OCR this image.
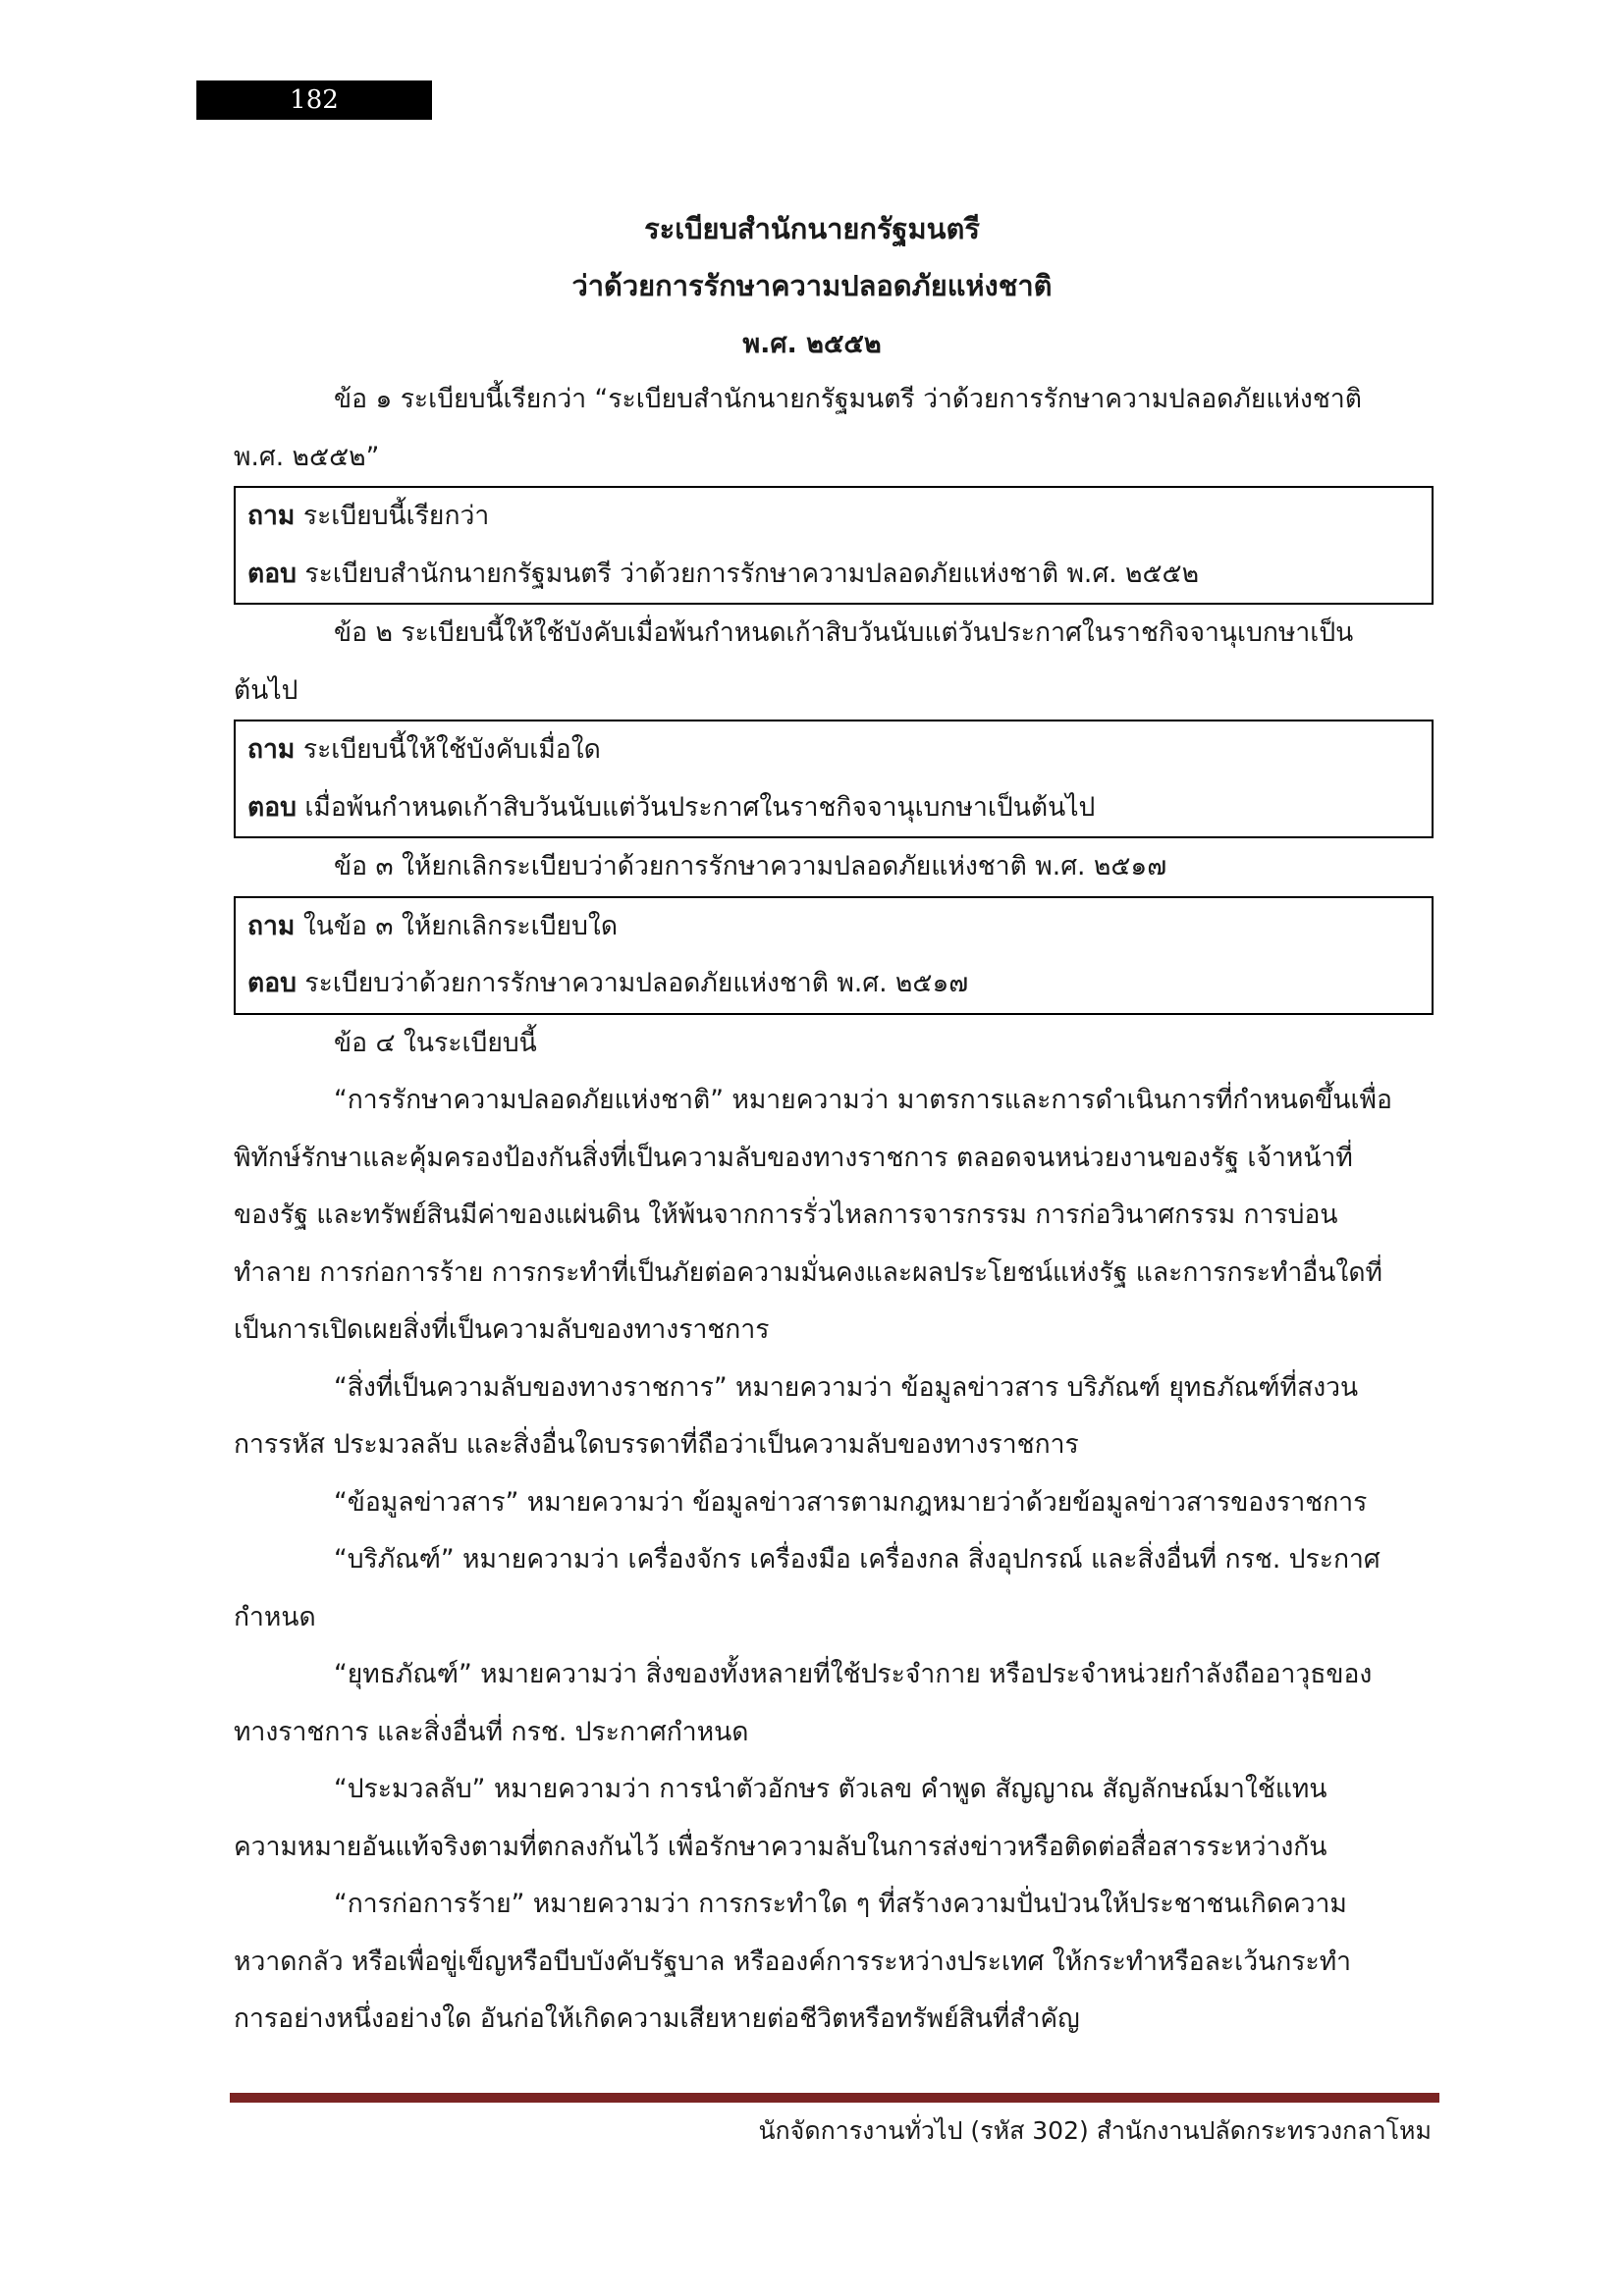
182
ระเบียบสำนักนายกรัฐมนตรี
ว่าด้วยการรักษาความปลอดภัยแห่งชาติ
พ.ศ. ๒๕๕๒

ข้อ ๑ ระเบียบนี้เรียกว่า “ระเบียบสำนักนายกรัฐมนตรี ว่าด้วยการรักษาความปลอดภัยแห่งชาติ

พ.ศ. ๒๕๕๒”

ถาม ระเบียบนี้เรียกว่า

ตอบ ระเบียบสำนักนายกรัฐมนตรี ว่าด้วยการรักษาความปลอดภัยแห่งชาติ พ.ศ. ๒๕๕๒

ข้อ ๒ ระเบียบนี้ให้ใช้บังคับเมื่อพ้นกำหนดเก้าสิบวันนับแต่วันประกาศในราชกิจจานุเบกษาเป็น

ต้นไป

ถาม ระเบียบนี้ให้ใช้บังคับเมื่อใด

ตอบ เมื่อพ้นกำหนดเก้าสิบวันนับแต่วันประกาศในราชกิจจานุเบกษาเป็นต้นไป

ข้อ ๓ ให้ยกเลิกระเบียบว่าด้วยการรักษาความปลอดภัยแห่งชาติ พ.ศ. ๒๕๑๗

ถาม ในข้อ ๓ ให้ยกเลิกระเบียบใด

ตอบ ระเบียบว่าด้วยการรักษาความปลอดภัยแห่งชาติ พ.ศ. ๒๕๑๗

ข้อ ๔ ในระเบียบนี้

“การรักษาความปลอดภัยแห่งชาติ” หมายความว่า มาตรการและการดำเนินการที่กำหนดขึ้นเพื่อ

พิทักษ์รักษาและคุ้มครองป้องกันสิ่งที่เป็นความลับของทางราชการ ตลอดจนหน่วยงานของรัฐ เจ้าหน้าที่

ของรัฐ และทรัพย์สินมีค่าของแผ่นดิน ให้พ้นจากการรั่วไหลการจารกรรม การก่อวินาศกรรม การบ่อน

ทำลาย การก่อการร้าย การกระทำที่เป็นภัยต่อความมั่นคงและผลประโยชน์แห่งรัฐ และการกระทำอื่นใดที่

เป็นการเปิดเผยสิ่งที่เป็นความลับของทางราชการ

“สิ่งที่เป็นความลับของทางราชการ” หมายความว่า ข้อมูลข่าวสาร บริภัณฑ์ ยุทธภัณฑ์ที่สงวน

การรหัส ประมวลลับ และสิ่งอื่นใดบรรดาที่ถือว่าเป็นความลับของทางราชการ

“ข้อมูลข่าวสาร” หมายความว่า ข้อมูลข่าวสารตามกฎหมายว่าด้วยข้อมูลข่าวสารของราชการ

“บริภัณฑ์” หมายความว่า เครื่องจักร เครื่องมือ เครื่องกล สิ่งอุปกรณ์ และสิ่งอื่นที่ กรช. ประกาศ

กำหนด

“ยุทธภัณฑ์” หมายความว่า สิ่งของทั้งหลายที่ใช้ประจำกาย หรือประจำหน่วยกำลังถืออาวุธของ

ทางราชการ และสิ่งอื่นที่ กรช. ประกาศกำหนด

“ประมวลลับ” หมายความว่า การนำตัวอักษร ตัวเลข คำพูด สัญญาณ สัญลักษณ์มาใช้แทน

ความหมายอันแท้จริงตามที่ตกลงกันไว้ เพื่อรักษาความลับในการส่งข่าวหรือติดต่อสื่อสารระหว่างกัน

“การก่อการร้าย” หมายความว่า การกระทำใด ๆ ที่สร้างความปั่นป่วนให้ประชาชนเกิดความ

หวาดกลัว หรือเพื่อขู่เข็ญหรือบีบบังคับรัฐบาล หรือองค์การระหว่างประเทศ ให้กระทำหรือละเว้นกระทำ

การอย่างหนึ่งอย่างใด อันก่อให้เกิดความเสียหายต่อชีวิตหรือทรัพย์สินที่สำคัญ

นักจัดการงานทั่วไป (รหัส 302) สำนักงานปลัดกระทรวงกลาโหม
